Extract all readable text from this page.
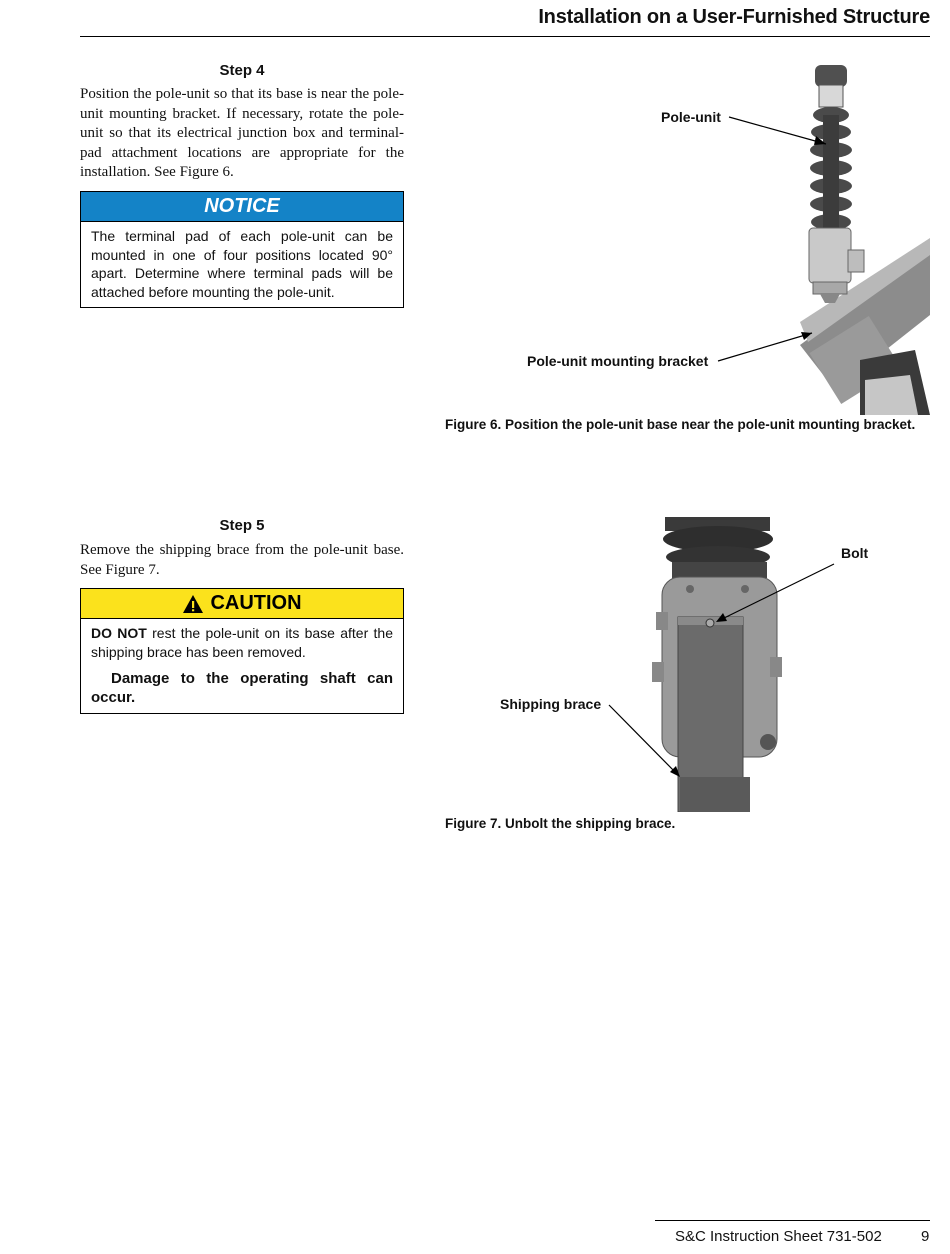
Installation on a User-Furnished Structure
Step 4
Position the pole-unit so that its base is near the pole-unit mounting bracket. If necessary, rotate the pole-unit so that its electrical junction box and terminal-pad attachment locations are appropriate for the installation. See Figure 6.
NOTICE

The terminal pad of each pole-unit can be mounted in one of four positions located 90° apart. Determine where terminal pads will be attached before mounting the pole-unit.

Pole-unit
Pole-unit mounting bracket
Figure 6. Position the pole-unit base near the pole-unit mounting bracket.
Step 5
Remove the shipping brace from the pole-unit base. See Figure 7.
CAUTION

DO NOT rest the pole-unit on its base after the shipping brace has been removed.

Damage to the operating shaft can occur.

Bolt
Shipping brace
Figure 7. Unbolt the shipping brace.
S&C Instruction Sheet 731-502	9
